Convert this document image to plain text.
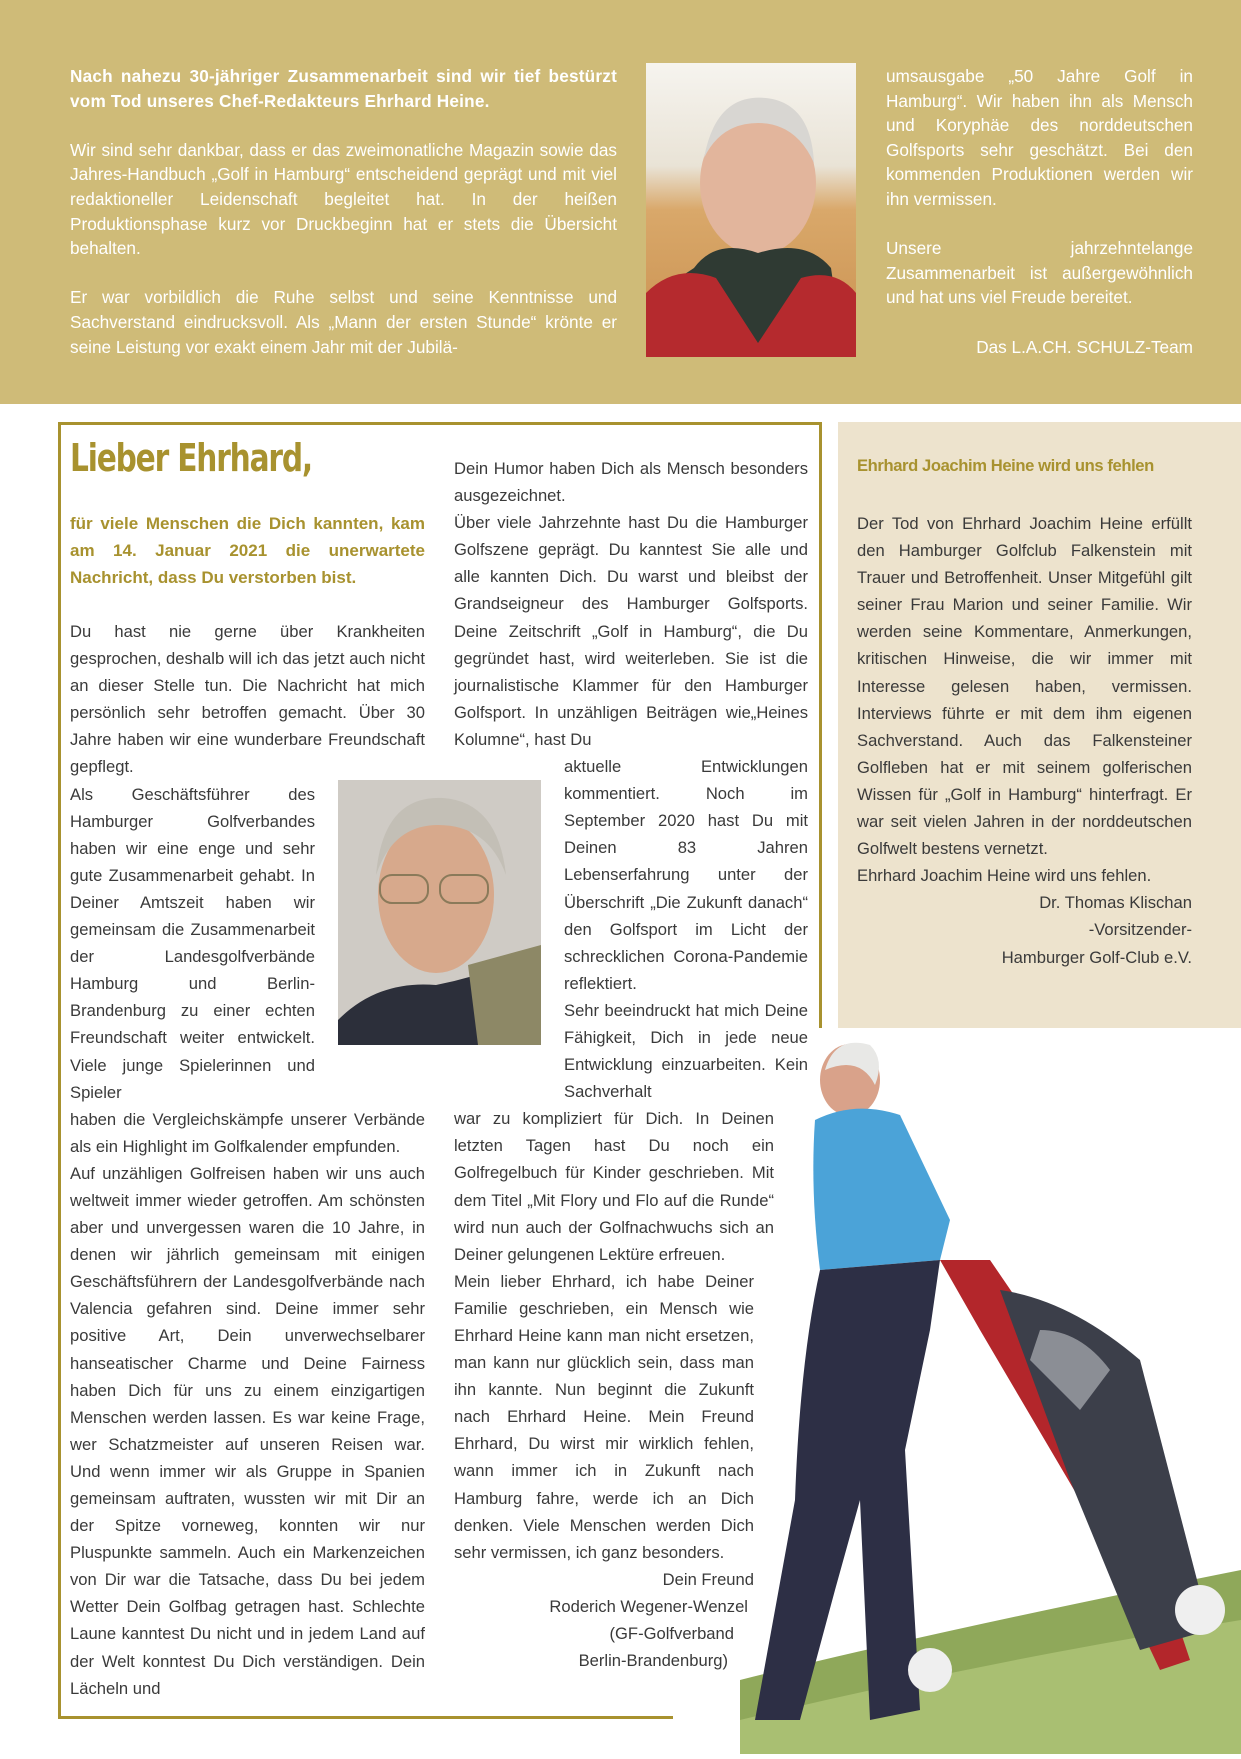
Nach nahezu 30-jähriger Zusammenarbeit sind wir tief bestürzt vom Tod unseres Chef-Redakteurs Ehrhard Heine.

Wir sind sehr dankbar, dass er das zweimonatliche Magazin sowie das Jahres-Handbuch „Golf in Hamburg“ entscheidend geprägt und mit viel redaktioneller Leidenschaft begleitet hat. In der heißen Produktionsphase kurz vor Druckbeginn hat er stets die Übersicht behalten.

Er war vorbildlich die Ruhe selbst und seine Kenntnisse und Sachverstand eindrucksvoll. Als „Mann der ersten Stunde“ krönte er seine Leistung vor exakt einem Jahr mit der Jubilä-

umsausgabe „50 Jahre Golf in Hamburg“. Wir haben ihn als Mensch und Koryphäe des norddeutschen Golfsports sehr geschätzt. Bei den kommenden Produktionen werden wir ihn vermissen.

Unsere jahrzehntelange Zusammenarbeit ist außergewöhnlich und hat uns viel Freude bereitet.

Das L.A.CH. SCHULZ-Team

Lieber Ehrhard,

für viele Menschen die Dich kannten, kam am 14. Januar 2021 die unerwartete Nachricht, dass Du verstorben bist.

Du hast nie gerne über Krankheiten gesprochen, deshalb will ich das jetzt auch nicht an dieser Stelle tun. Die Nachricht hat mich persönlich sehr betroffen gemacht. Über 30 Jahre haben wir eine wunderbare Freundschaft gepflegt.

Als Geschäftsführer des Hamburger Golfverbandes haben wir eine enge und sehr gute Zusammenarbeit gehabt. In Deiner Amtszeit haben wir gemeinsam die Zusammenarbeit der Landesgolfverbände Hamburg und Berlin-Brandenburg zu einer echten Freundschaft weiter entwickelt. Viele junge Spielerinnen und Spieler

haben die Vergleichskämpfe unserer Verbände als ein Highlight im Golfkalender empfunden.

Auf unzähligen Golfreisen haben wir uns auch weltweit immer wieder getroffen. Am schönsten aber und unvergessen waren die 10 Jahre, in denen wir jährlich gemeinsam mit einigen Geschäftsführern der Landesgolfverbände nach Valencia gefahren sind. Deine immer sehr positive Art, Dein unverwechselbarer hanseatischer Charme und Deine Fairness haben Dich für uns zu einem einzigartigen Menschen werden lassen. Es war keine Frage, wer Schatzmeister auf unseren Reisen war. Und wenn immer wir als Gruppe in Spanien gemeinsam auftraten, wussten wir mit Dir an der Spitze vorneweg, konnten wir nur Pluspunkte sammeln. Auch ein Markenzeichen von Dir war die Tatsache, dass Du bei jedem Wetter Dein Golfbag getragen hast. Schlechte Laune kanntest Du nicht und in jedem Land auf der Welt konntest Du Dich verständigen. Dein Lächeln und

Dein Humor haben Dich als Mensch besonders ausgezeichnet.

Über viele Jahrzehnte hast Du die Hamburger Golfszene geprägt. Du kanntest Sie alle und alle kannten Dich. Du warst und bleibst der Grandseigneur des Hamburger Golfsports. Deine Zeitschrift „Golf in Hamburg“, die Du gegründet hast, wird weiterleben. Sie ist die journalistische Klammer für den Hamburger Golfsport. In unzähligen Beiträgen wie„Heines Kolumne“, hast Du

aktuelle Entwicklungen kommentiert. Noch im September 2020 hast Du mit Deinen 83 Jahren Lebenserfahrung unter der Überschrift „Die Zukunft danach“ den Golfsport im Licht der schrecklichen Corona-Pandemie reflektiert.

Sehr beeindruckt hat mich Deine Fähigkeit, Dich in jede neue Entwicklung einzuarbeiten. Kein Sachverhalt

war zu kompliziert für Dich. In Deinen letzten Tagen hast Du noch ein Golfregelbuch für Kinder geschrieben. Mit dem Titel „Mit Flory und Flo auf die Runde“ wird nun auch der Golfnachwuchs sich an Deiner gelungenen Lektüre erfreuen.

Mein lieber Ehrhard, ich habe Deiner Familie geschrieben, ein Mensch wie Ehrhard Heine kann man nicht ersetzen, man kann nur glücklich sein, dass man ihn kannte. Nun beginnt die Zukunft nach Ehrhard Heine. Mein Freund Ehrhard, Du wirst mir wirklich fehlen, wann immer ich in Zukunft nach Hamburg fahre, werde ich an Dich denken. Viele Menschen werden Dich sehr vermissen, ich ganz besonders.

Dein Freund
Roderich Wegener-Wenzel
(GF-Golfverband
Berlin-Brandenburg)
Ehrhard Joachim Heine wird uns fehlen

Der Tod von Ehrhard Joachim Heine erfüllt den Hamburger Golfclub Falkenstein mit Trauer und Betroffenheit. Unser Mitgefühl gilt seiner Frau Marion und seiner Familie. Wir werden seine Kommentare, Anmerkungen, kritischen Hinweise, die wir immer mit Interesse gelesen haben, vermissen. Interviews führte er mit dem ihm eigenen Sachverstand. Auch das Falkensteiner Golfleben hat er mit seinem golferischen Wissen für „Golf in Hamburg“ hinterfragt. Er war seit vielen Jahren in der norddeutschen Golfwelt bestens vernetzt.

Ehrhard Joachim Heine wird uns fehlen.

Dr. Thomas Klischan

-Vorsitzender-

Hamburger Golf-Club e.V.
